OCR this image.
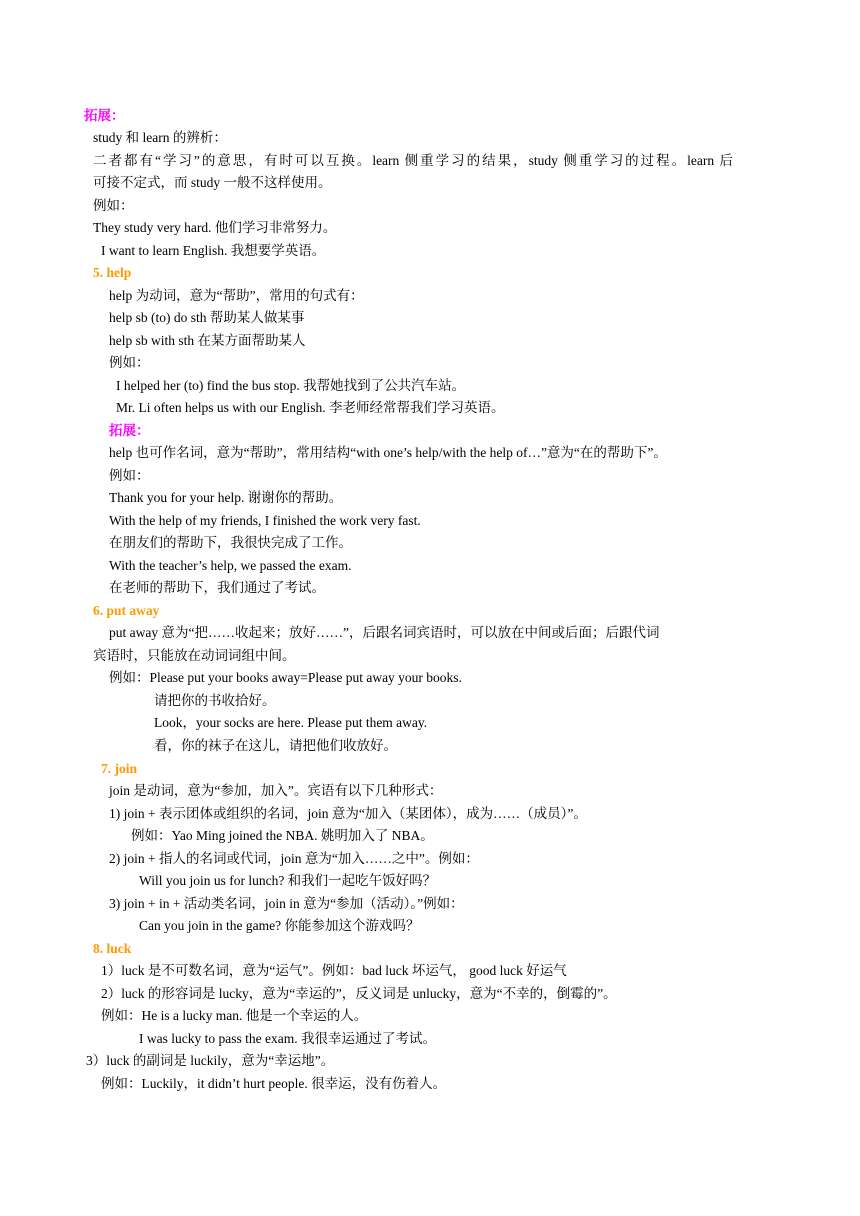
拓展：
study 和 learn 的辨析：
二者都有“学习”的意思，有时可以互换。learn 侧重学习的结果，study 侧重学习的过程。learn 后
可接不定式，而 study 一般不这样使用。
例如：
They study very hard. 他们学习非常努力。
I want to learn English. 我想要学英语。
5. help
help 为动词，意为“帮助”，常用的句式有：
help sb (to) do sth 帮助某人做某事
help sb with sth 在某方面帮助某人
例如：
I helped her (to) find the bus stop. 我帮她找到了公共汽车站。
Mr. Li often helps us with our English. 李老师经常帮我们学习英语。
拓展：
help 也可作名词，意为“帮助”，常用结构“with one’s help/with the help of…”意为“在的帮助下”。
例如：
Thank you for your help. 谢谢你的帮助。
With the help of my friends, I finished the work very fast.
在朋友们的帮助下，我很快完成了工作。
With the teacher’s help, we passed the exam.
在老师的帮助下，我们通过了考试。
6. put away
put away 意为“把……收起来；放好……”，后跟名词宾语时，可以放在中间或后面；后跟代词
宾语时，只能放在动词词组中间。
例如：Please put your books away=Please put away your books.
请把你的书收拾好。
Look，your socks are here. Please put them away.
看，你的袜子在这儿，请把他们收放好。
7. join
join 是动词，意为“参加，加入”。宾语有以下几种形式：
1) join + 表示团体或组织的名词，join 意为“加入（某团体），成为……（成员）”。
例如：Yao Ming joined the NBA. 姚明加入了 NBA。
2) join + 指人的名词或代词，join 意为“加入……之中”。例如：
Will you join us for lunch? 和我们一起吃午饭好吗？
3) join + in + 活动类名词，join in 意为“参加（活动）。”例如：
Can you join in the game? 你能参加这个游戏吗？
8. luck
1）luck 是不可数名词，意为“运气”。例如：bad luck 坏运气， good luck 好运气
2）luck 的形容词是 lucky，意为“幸运的”，反义词是 unlucky，意为“不幸的，倒霉的”。
例如：He is a lucky man. 他是一个幸运的人。
I was lucky to pass the exam. 我很幸运通过了考试。
3）luck 的副词是 luckily，意为“幸运地”。
例如：Luckily，it didn’t hurt people. 很幸运，没有伤着人。
